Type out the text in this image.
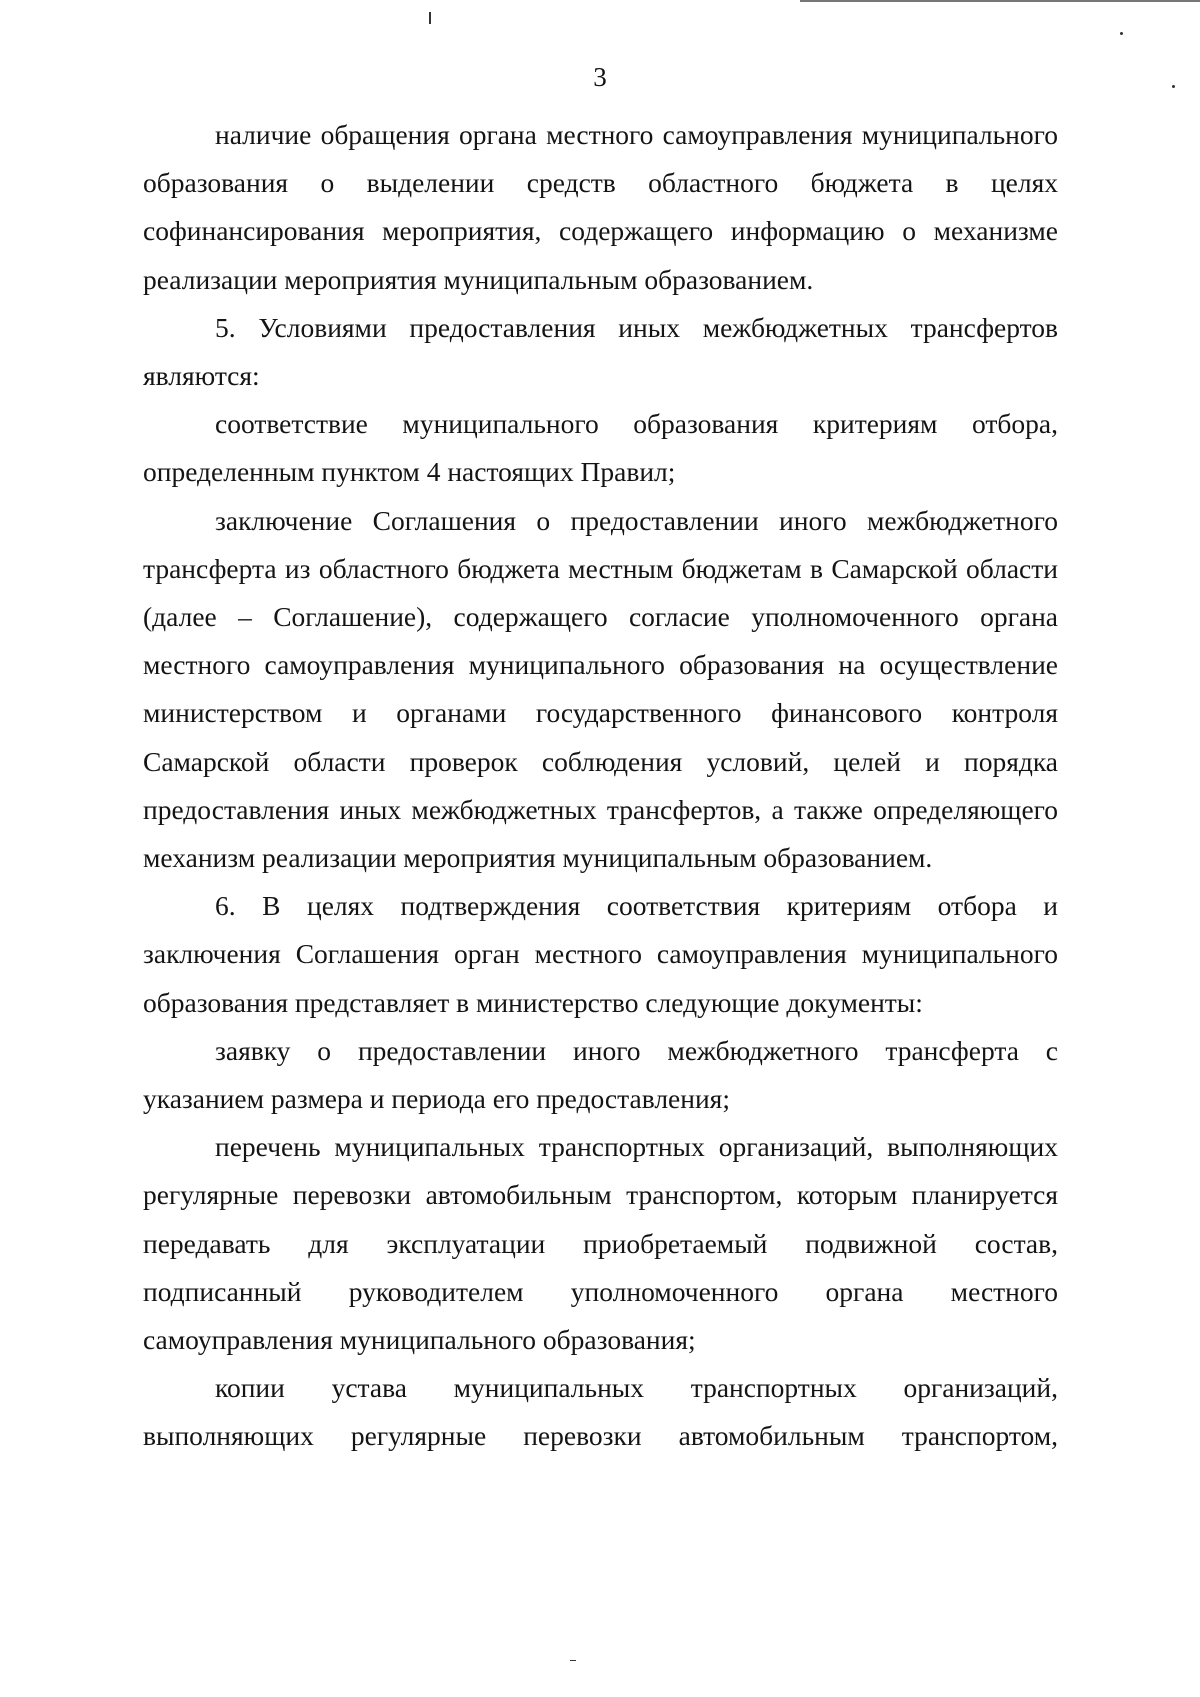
3

наличие обращения органа местного самоуправления муниципального образования о выделении средств областного бюджета в целях софинансирования мероприятия, содержащего информацию о механизме реализации мероприятия муниципальным образованием.

5. Условиями предоставления иных межбюджетных трансфертов являются:

соответствие муниципального образования критериям отбора, определенным пунктом 4 настоящих Правил;

заключение Соглашения о предоставлении иного межбюджетного трансферта из областного бюджета местным бюджетам в Самарской области (далее – Соглашение), содержащего согласие уполномоченного органа местного самоуправления муниципального образования на осуществление министерством и органами государственного финансового контроля Самарской области проверок соблюдения условий, целей и порядка предоставления иных межбюджетных трансфертов, а также определяющего механизм реализации мероприятия муниципальным образованием.

6. В целях подтверждения соответствия критериям отбора и заключения Соглашения орган местного самоуправления муниципального образования представляет в министерство следующие документы:

заявку о предоставлении иного межбюджетного трансферта с указанием размера и периода его предоставления;

перечень муниципальных транспортных организаций, выполняющих регулярные перевозки автомобильным транспортом, которым планируется передавать для эксплуатации приобретаемый подвижной состав, подписанный руководителем уполномоченного органа местного самоуправления муниципального образования;

копии устава муниципальных транспортных организаций, выполняющих регулярные перевозки автомобильным транспортом,
